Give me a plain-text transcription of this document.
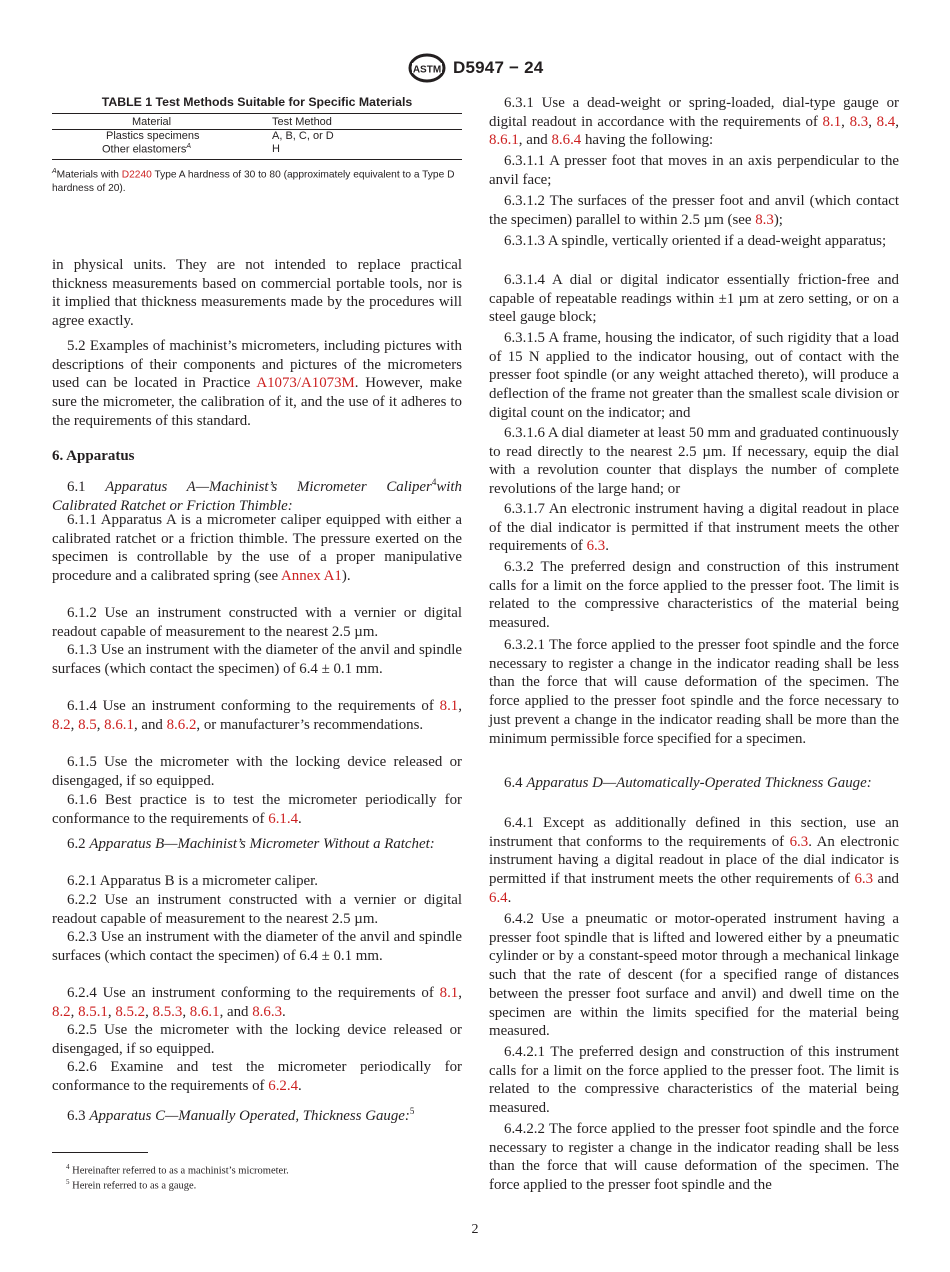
ASTM D5947 − 24
TABLE 1 Test Methods Suitable for Specific Materials
Material	Test Method
Plastics specimens	A, B, C, or D
Other elastomers$^A$	H
$^A$Materials with D2240 Type A hardness of 30 to 80 (approximately equivalent to a Type D hardness of 20).

in physical units. They are not intended to replace practical thickness measurements based on commercial portable tools, nor is it implied that thickness measurements made by the procedures will agree exactly.

5.2 Examples of machinist’s micrometers, including pictures with descriptions of their components and pictures of the micrometers used can be located in Practice A1073/A1073M. However, make sure the micrometer, the calibration of it, and the use of it adheres to the requirements of this standard.

6. Apparatus

6.1 Apparatus A—Machinist’s Micrometer Caliper$^4$with Calibrated Ratchet or Friction Thimble:

6.1.1 Apparatus A is a micrometer caliper equipped with either a calibrated ratchet or a friction thimble. The pressure exerted on the specimen is controllable by the use of a proper manipulative procedure and a calibrated spring (see Annex A1).

6.1.2 Use an instrument constructed with a vernier or digital readout capable of measurement to the nearest 2.5 µm.

6.1.3 Use an instrument with the diameter of the anvil and spindle surfaces (which contact the specimen) of 6.4 ± 0.1 mm.

6.1.4 Use an instrument conforming to the requirements of 8.1, 8.2, 8.5, 8.6.1, and 8.6.2, or manufacturer’s recommendations.

6.1.5 Use the micrometer with the locking device released or disengaged, if so equipped.

6.1.6 Best practice is to test the micrometer periodically for conformance to the requirements of 6.1.4.

6.2 Apparatus B—Machinist’s Micrometer Without a Ratchet:

6.2.1 Apparatus B is a micrometer caliper.

6.2.2 Use an instrument constructed with a vernier or digital readout capable of measurement to the nearest 2.5 µm.

6.2.3 Use an instrument with the diameter of the anvil and spindle surfaces (which contact the specimen) of 6.4 ± 0.1 mm.

6.2.4 Use an instrument conforming to the requirements of 8.1, 8.2, 8.5.1, 8.5.2, 8.5.3, 8.6.1, and 8.6.3.

6.2.5 Use the micrometer with the locking device released or disengaged, if so equipped.

6.2.6 Examine and test the micrometer periodically for conformance to the requirements of 6.2.4.

6.3 Apparatus C—Manually Operated, Thickness Gauge:$^5$

$^4$ Hereinafter referred to as a machinist’s micrometer.
$^5$ Herein referred to as a gauge.

6.3.1 Use a dead-weight or spring-loaded, dial-type gauge or digital readout in accordance with the requirements of 8.1, 8.3, 8.4, 8.6.1, and 8.6.4 having the following:

6.3.1.1 A presser foot that moves in an axis perpendicular to the anvil face;

6.3.1.2 The surfaces of the presser foot and anvil (which contact the specimen) parallel to within 2.5 µm (see 8.3);

6.3.1.3 A spindle, vertically oriented if a dead-weight apparatus;

6.3.1.4 A dial or digital indicator essentially friction-free and capable of repeatable readings within ±1 µm at zero setting, or on a steel gauge block;

6.3.1.5 A frame, housing the indicator, of such rigidity that a load of 15 N applied to the indicator housing, out of contact with the presser foot spindle (or any weight attached thereto), will produce a deflection of the frame not greater than the smallest scale division or digital count on the indicator; and

6.3.1.6 A dial diameter at least 50 mm and graduated continuously to read directly to the nearest 2.5 µm. If necessary, equip the dial with a revolution counter that displays the number of complete revolutions of the large hand; or

6.3.1.7 An electronic instrument having a digital readout in place of the dial indicator is permitted if that instrument meets the other requirements of 6.3.

6.3.2 The preferred design and construction of this instrument calls for a limit on the force applied to the presser foot. The limit is related to the compressive characteristics of the material being measured.

6.3.2.1 The force applied to the presser foot spindle and the force necessary to register a change in the indicator reading shall be less than the force that will cause deformation of the specimen. The force applied to the presser foot spindle and the force necessary to just prevent a change in the indicator reading shall be more than the minimum permissible force specified for a specimen.

6.4 Apparatus D—Automatically-Operated Thickness Gauge:

6.4.1 Except as additionally defined in this section, use an instrument that conforms to the requirements of 6.3. An electronic instrument having a digital readout in place of the dial indicator is permitted if that instrument meets the other requirements of 6.3 and 6.4.

6.4.2 Use a pneumatic or motor-operated instrument having a presser foot spindle that is lifted and lowered either by a pneumatic cylinder or by a constant-speed motor through a mechanical linkage such that the rate of descent (for a specified range of distances between the presser foot surface and anvil) and dwell time on the specimen are within the limits specified for the material being measured.

6.4.2.1 The preferred design and construction of this instrument calls for a limit on the force applied to the presser foot. The limit is related to the compressive characteristics of the material being measured.

6.4.2.2 The force applied to the presser foot spindle and the force necessary to register a change in the indicator reading shall be less than the force that will cause deformation of the specimen. The force applied to the presser foot spindle and the

2
